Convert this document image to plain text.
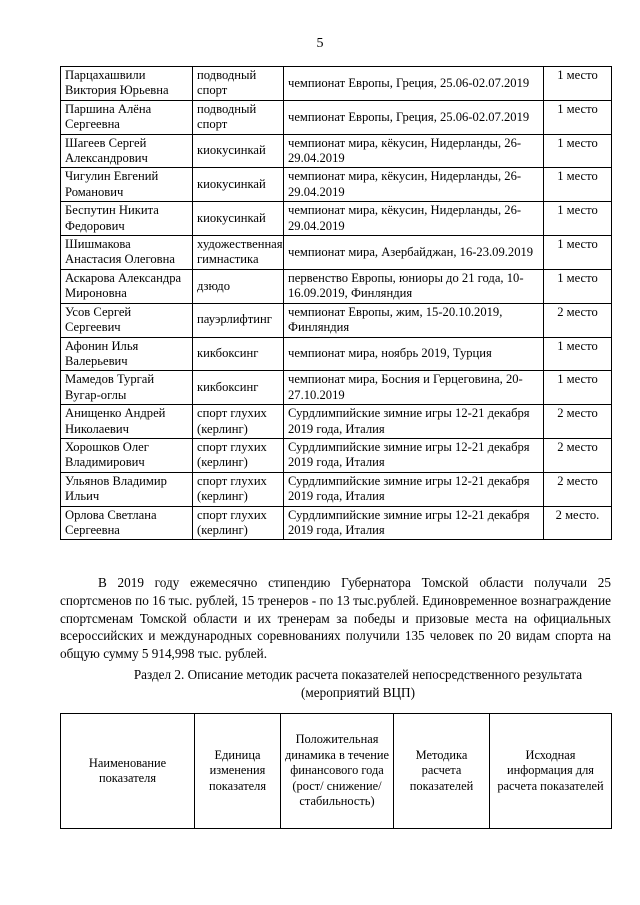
5
Парцахашвили Виктория Юрьевна	подводный спорт	чемпионат Европы, Греция, 25.06-02.07.2019	1 место
Паршина Алёна Сергеевна	подводный спорт	чемпионат Европы, Греция, 25.06-02.07.2019	1 место
Шагеев Сергей Александрович	киокусинкай	чемпионат мира, кёкусин, Нидерланды, 26-29.04.2019	1 место
Чигулин Евгений Романович	киокусинкай	чемпионат мира, кёкусин, Нидерланды, 26-29.04.2019	1 место
Беспутин Никита Федорович	киокусинкай	чемпионат мира, кёкусин, Нидерланды, 26-29.04.2019	1 место
Шишмакова Анастасия Олеговна	художественная гимнастика	чемпионат мира, Азербайджан, 16-23.09.2019	1 место
Аскарова Александра Мироновна	дзюдо	первенство Европы, юниоры до 21 года, 10-16.09.2019, Финляндия	1 место
Усов Сергей Сергеевич	пауэрлифтинг	чемпионат Европы, жим, 15-20.10.2019, Финляндия	2 место
Афонин Илья Валерьевич	кикбоксинг	чемпионат мира, ноябрь 2019, Турция	1 место
Мамедов Тургай Вугар-оглы	кикбоксинг	чемпионат мира, Босния и Герцеговина, 20-27.10.2019	1 место
Анищенко Андрей Николаевич	спорт глухих (керлинг)	Сурдлимпийские зимние игры 12-21 декабря 2019 года, Италия	2 место
Хорошков Олег Владимирович	спорт глухих (керлинг)	Сурдлимпийские зимние игры 12-21 декабря 2019 года, Италия	2 место
Ульянов Владимир Ильич	спорт глухих (керлинг)	Сурдлимпийские зимние игры 12-21 декабря 2019 года, Италия	2 место
Орлова Светлана Сергеевна	спорт глухих (керлинг)	Сурдлимпийские зимние игры 12-21 декабря 2019 года, Италия	2 место.

В 2019 году ежемесячно стипендию Губернатора Томской области получали 25 спортсменов по 16 тыс. рублей, 15 тренеров - по 13 тыс.рублей. Единовременное вознаграждение спортсменам Томской области и их тренерам за победы и призовые места на официальных всероссийских и международных соревнованиях получили 135 человек по 20 видам спорта на общую сумму 5 914,998 тыс. рублей.

Раздел 2. Описание методик расчета показателей непосредственного результата
(мероприятий ВЦП)
Наименование показателя	Единица изменения показателя	Положительная динамика в течение финансового года (рост/ снижение/ стабильность)	Методика расчета показателей	Исходная информация для расчета показателей
